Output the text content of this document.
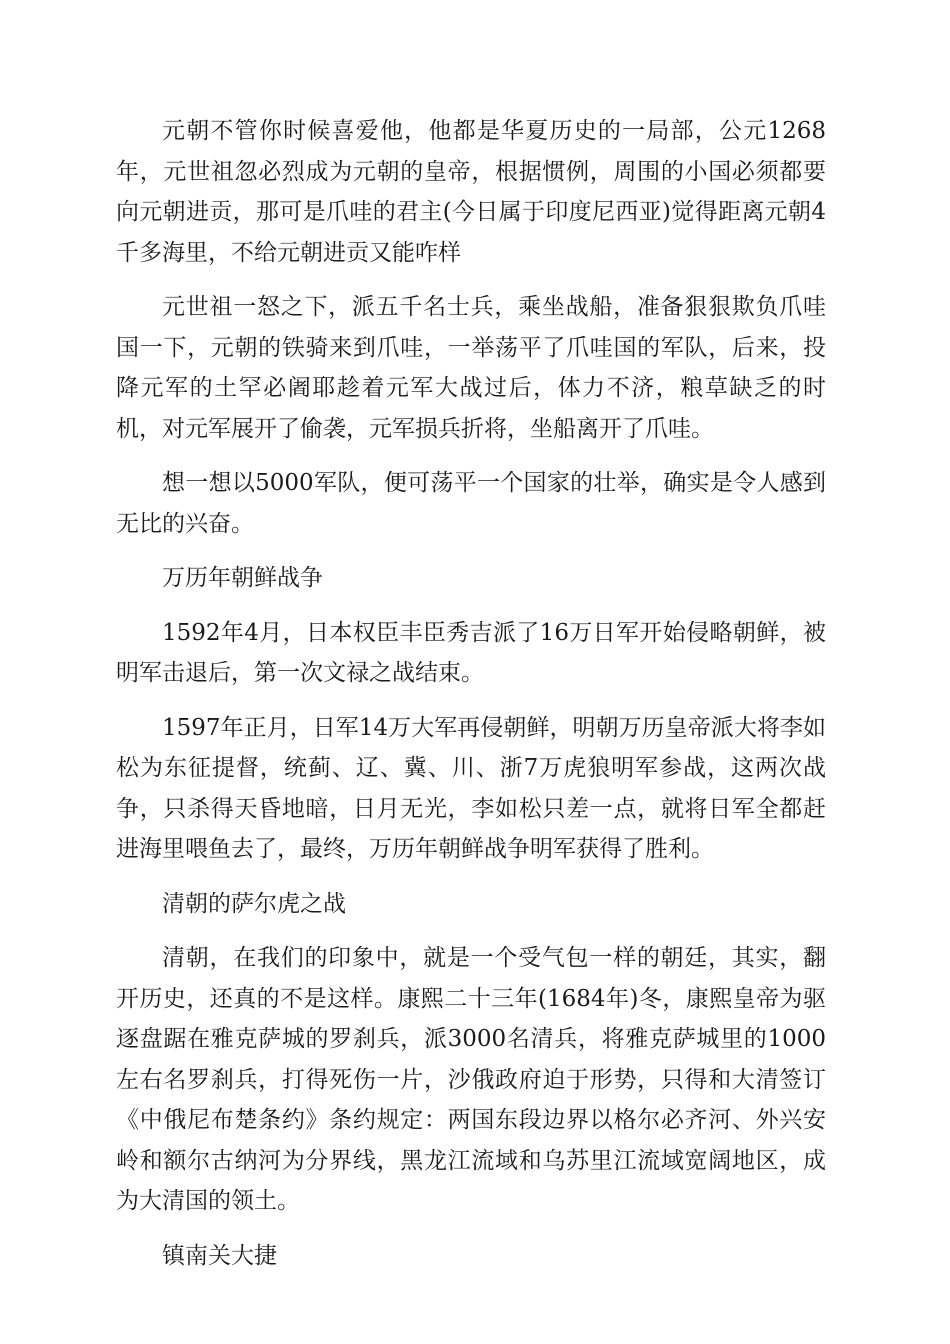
元朝不管你时候喜爱他，他都是华夏历史的一局部，公元1268年，元世祖忽必烈成为元朝的皇帝，根据惯例，周围的小国必须都要向元朝进贡，那可是爪哇的君主(今日属于印度尼西亚)觉得距离元朝4千多海里，不给元朝进贡又能咋样

元世祖一怒之下，派五千名士兵，乘坐战船，准备狠狠欺负爪哇国一下，元朝的铁骑来到爪哇，一举荡平了爪哇国的军队，后来，投降元军的土罕必阇耶趁着元军大战过后，体力不济，粮草缺乏的时机，对元军展开了偷袭，元军损兵折将，坐船离开了爪哇。

想一想以5000军队，便可荡平一个国家的壮举，确实是令人感到无比的兴奋。

万历年朝鲜战争

1592年4月，日本权臣丰臣秀吉派了16万日军开始侵略朝鲜，被明军击退后，第一次文禄之战结束。

1597年正月，日军14万大军再侵朝鲜，明朝万历皇帝派大将李如松为东征提督，统蓟、辽、冀、川、浙7万虎狼明军参战，这两次战争，只杀得天昏地暗，日月无光，李如松只差一点，就将日军全都赶进海里喂鱼去了，最终，万历年朝鲜战争明军获得了胜利。

清朝的萨尔虎之战

清朝，在我们的印象中，就是一个受气包一样的朝廷，其实，翻开历史，还真的不是这样。康熙二十三年(1684年)冬，康熙皇帝为驱逐盘踞在雅克萨城的罗刹兵，派3000名清兵，将雅克萨城里的1000左右名罗刹兵，打得死伤一片，沙俄政府迫于形势，只得和大清签订《中俄尼布楚条约》条约规定：两国东段边界以格尔必齐河、外兴安岭和额尔古纳河为分界线，黑龙江流域和乌苏里江流域宽阔地区，成为大清国的领土。

镇南关大捷
